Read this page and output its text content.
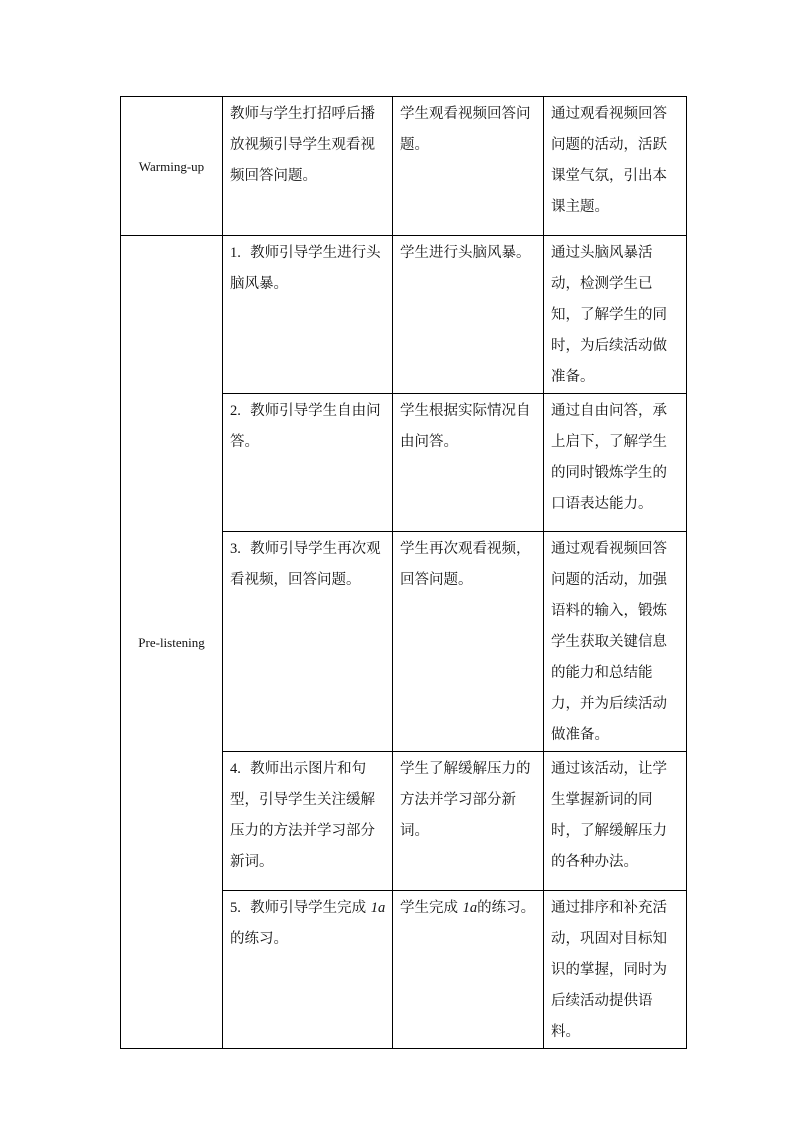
Warming-up	教师与学生打招呼后播放视频引导学生观看视频回答问题。	学生观看视频回答问题。	通过观看视频回答问题的活动，活跃课堂气氛，引出本课主题。
Pre-listening	1. 教师引导学生进行头脑风暴。	学生进行头脑风暴。	通过头脑风暴活动，检测学生已知，了解学生的同时，为后续活动做准备。
	2. 教师引导学生自由问答。	学生根据实际情况自由问答。	通过自由问答，承上启下，了解学生的同时锻炼学生的口语表达能力。
	3. 教师引导学生再次观看视频，回答问题。	学生再次观看视频，回答问题。	通过观看视频回答问题的活动，加强语料的输入，锻炼学生获取关键信息的能力和总结能力，并为后续活动做准备。
	4. 教师出示图片和句型，引导学生关注缓解压力的方法并学习部分新词。	学生了解缓解压力的方法并学习部分新词。	通过该活动，让学生掌握新词的同时，了解缓解压力的各种办法。
	5. 教师引导学生完成 1a 的练习。	学生完成 1a的练习。	通过排序和补充活动，巩固对目标知识的掌握，同时为后续活动提供语料。
